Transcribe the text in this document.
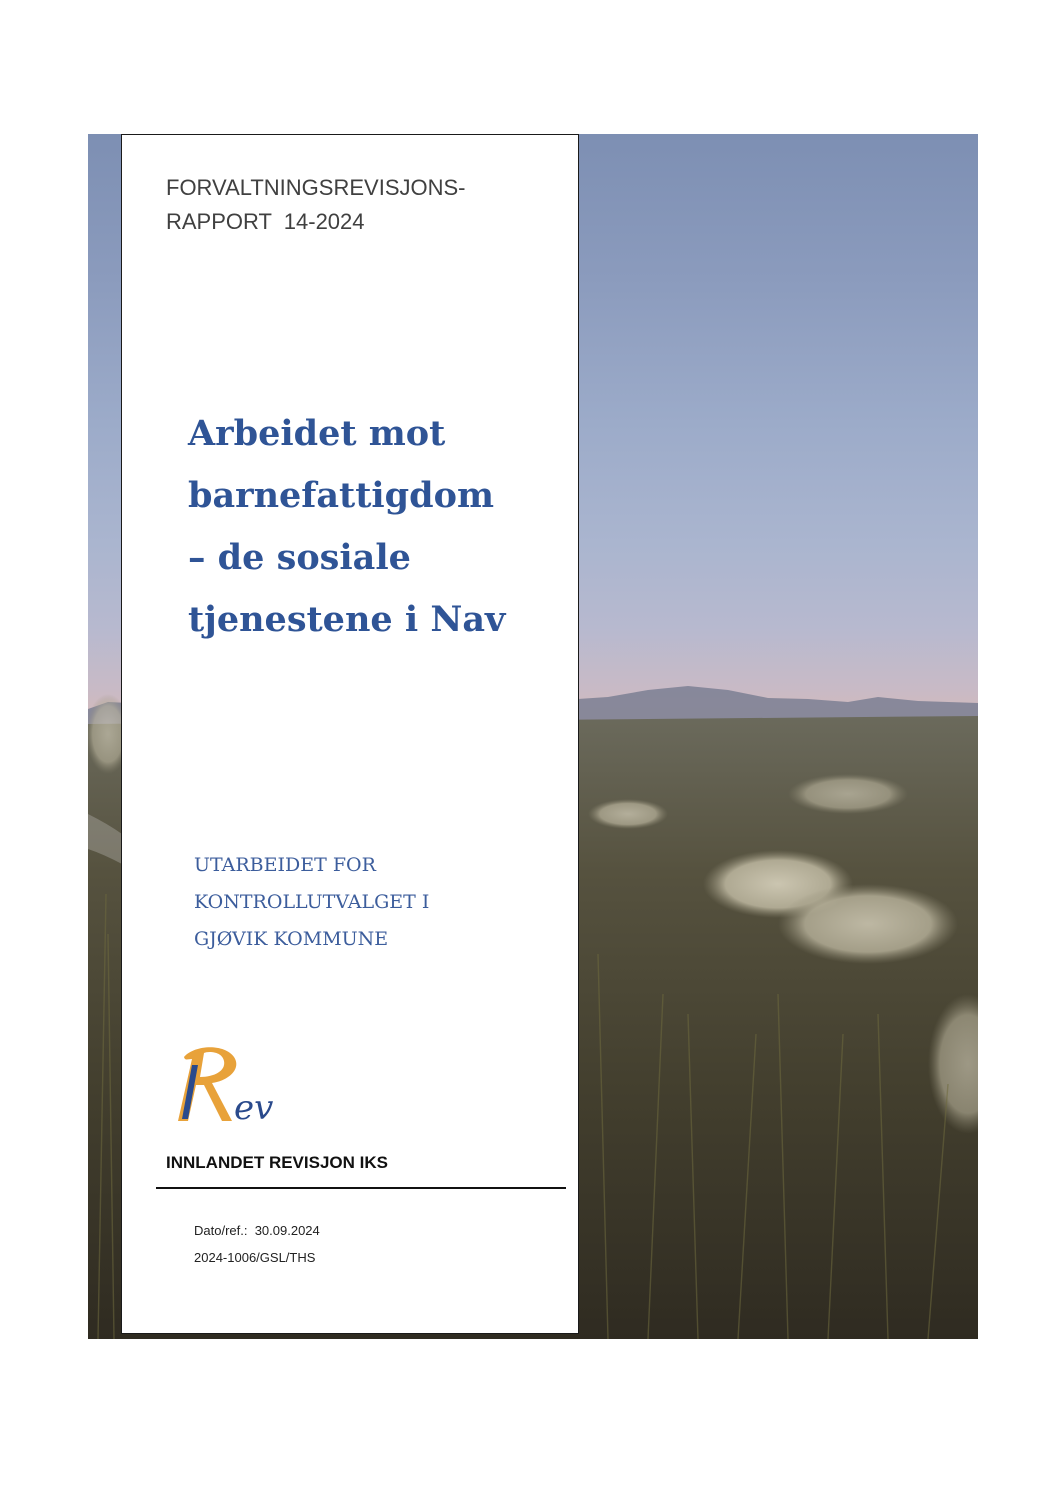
FORVALTNINGSREVISJONS-
RAPPORT  14-2024

Arbeidet mot
barnefattigdom
– de sosiale
tjenestene i Nav

UTARBEIDET FOR
KONTROLLUTVALGET I
GJØVIK KOMMUNE

ev

INNLANDET REVISJON IKS

Dato/ref.:  30.09.2024
2024-1006/GSL/THS
